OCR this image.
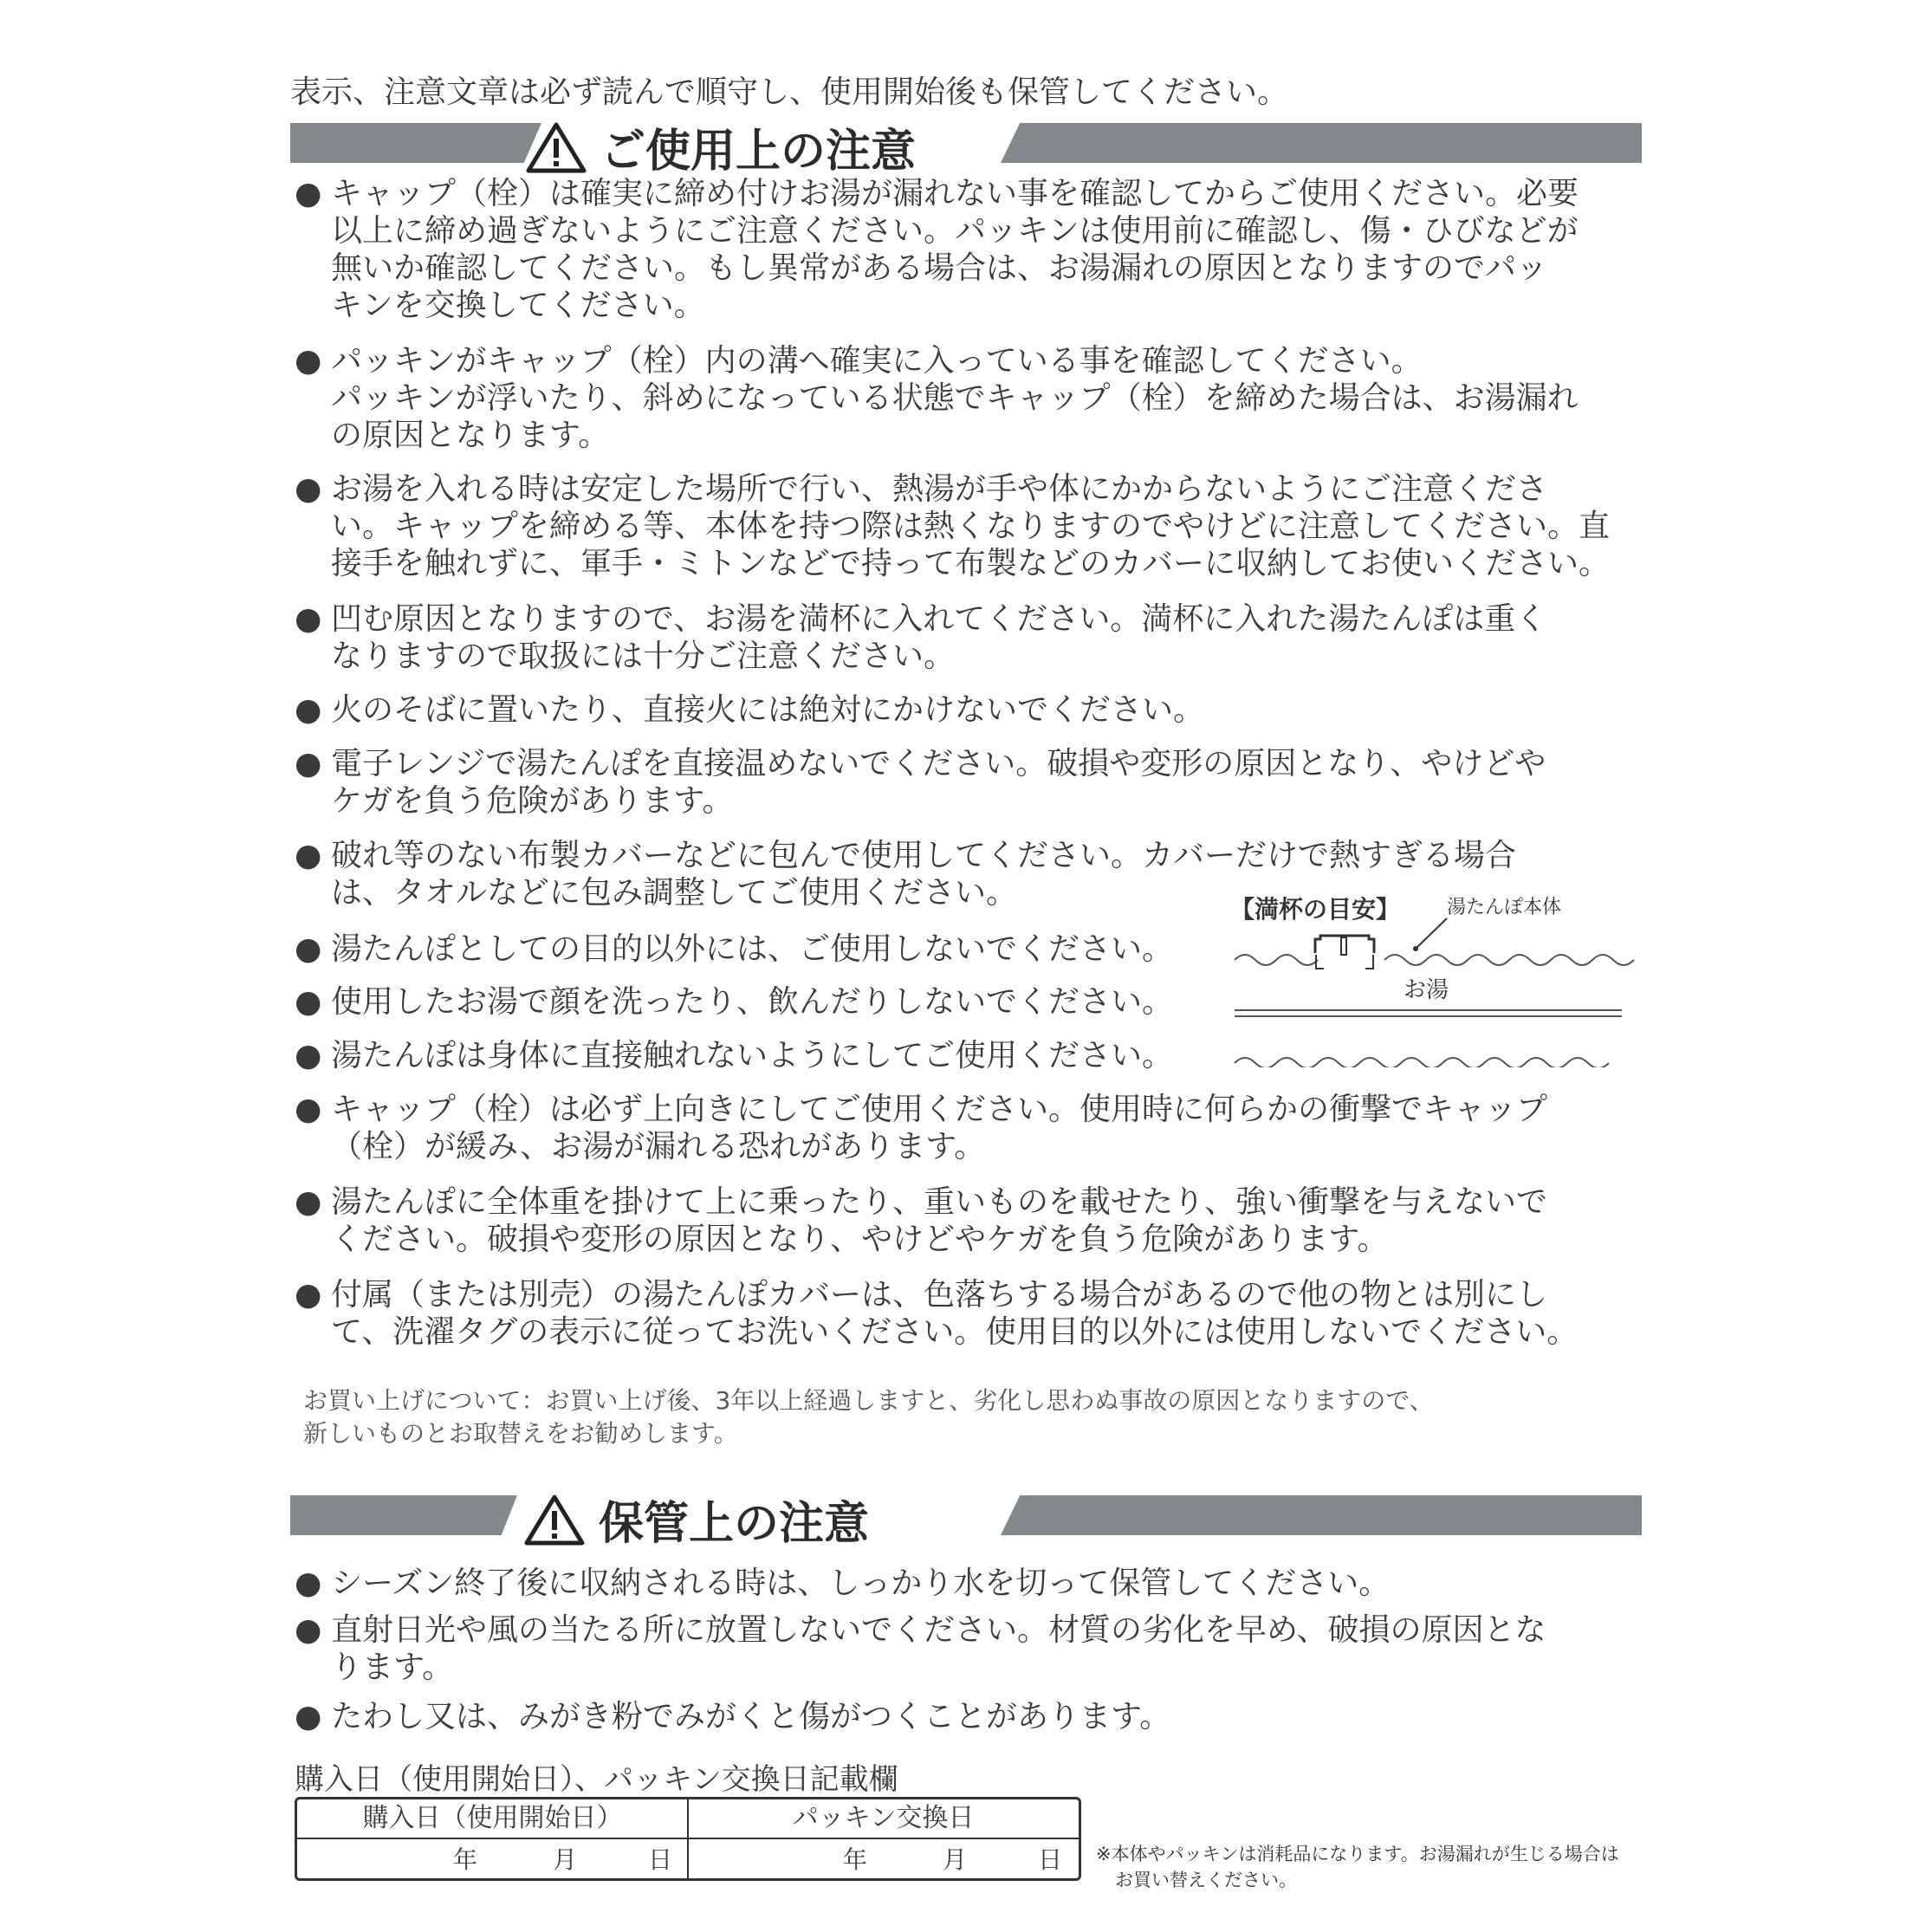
表示、注意文章は必ず読んで順守し、使用開始後も保管してください。
ご使用上の注意
● キャップ（栓）は確実に締め付けお湯が漏れない事を確認してからご使用ください。必要
以上に締め過ぎないようにご注意ください。パッキンは使用前に確認し、傷・ひびなどが
無いか確認してください。もし異常がある場合は、お湯漏れの原因となりますのでパッ
キンを交換してください。
● パッキンがキャップ（栓）内の溝へ確実に入っている事を確認してください。
パッキンが浮いたり、斜めになっている状態でキャップ（栓）を締めた場合は、お湯漏れ
の原因となります。
● お湯を入れる時は安定した場所で行い、熱湯が手や体にかからないようにご注意くださ
い。キャップを締める等、本体を持つ際は熱くなりますのでやけどに注意してください。直
接手を触れずに、軍手・ミトンなどで持って布製などのカバーに収納してお使いください。
● 凹む原因となりますので、お湯を満杯に入れてください。満杯に入れた湯たんぽは重く
なりますので取扱には十分ご注意ください。
● 火のそばに置いたり、直接火には絶対にかけないでください。
● 電子レンジで湯たんぽを直接温めないでください。破損や変形の原因となり、やけどや
ケガを負う危険があります。
● 破れ等のない布製カバーなどに包んで使用してください。カバーだけで熱すぎる場合
は、タオルなどに包み調整してご使用ください。
● 湯たんぽとしての目的以外には、ご使用しないでください。
● 使用したお湯で顔を洗ったり、飲んだりしないでください。
● 湯たんぽは身体に直接触れないようにしてご使用ください。
● キャップ（栓）は必ず上向きにしてご使用ください。使用時に何らかの衝撃でキャップ
（栓）が緩み、お湯が漏れる恐れがあります。
● 湯たんぽに全体重を掛けて上に乗ったり、重いものを載せたり、強い衝撃を与えないで
ください。破損や変形の原因となり、やけどやケガを負う危険があります。
● 付属（または別売）の湯たんぽカバーは、色落ちする場合があるので他の物とは別にし
て、洗濯タグの表示に従ってお洗いください。使用目的以外には使用しないでください。
【満杯の目安】 湯たんぽ本体
お湯
お買い上げについて：お買い上げ後、3年以上経過しますと、劣化し思わぬ事故の原因となりますので、
新しいものとお取替えをお勧めします。
保管上の注意
● シーズン終了後に収納される時は、しっかり水を切って保管してください。
● 直射日光や風の当たる所に放置しないでください。材質の劣化を早め、破損の原因とな
ります。
● たわし又は、みがき粉でみがくと傷がつくことがあります。
購入日（使用開始日）、パッキン交換日記載欄
購入日（使用開始日）	パッキン交換日
年	月	日	年	月	日 ※本体やパッキンは消耗品になります。お湯漏れが生じる場合は
お買い替えください。
